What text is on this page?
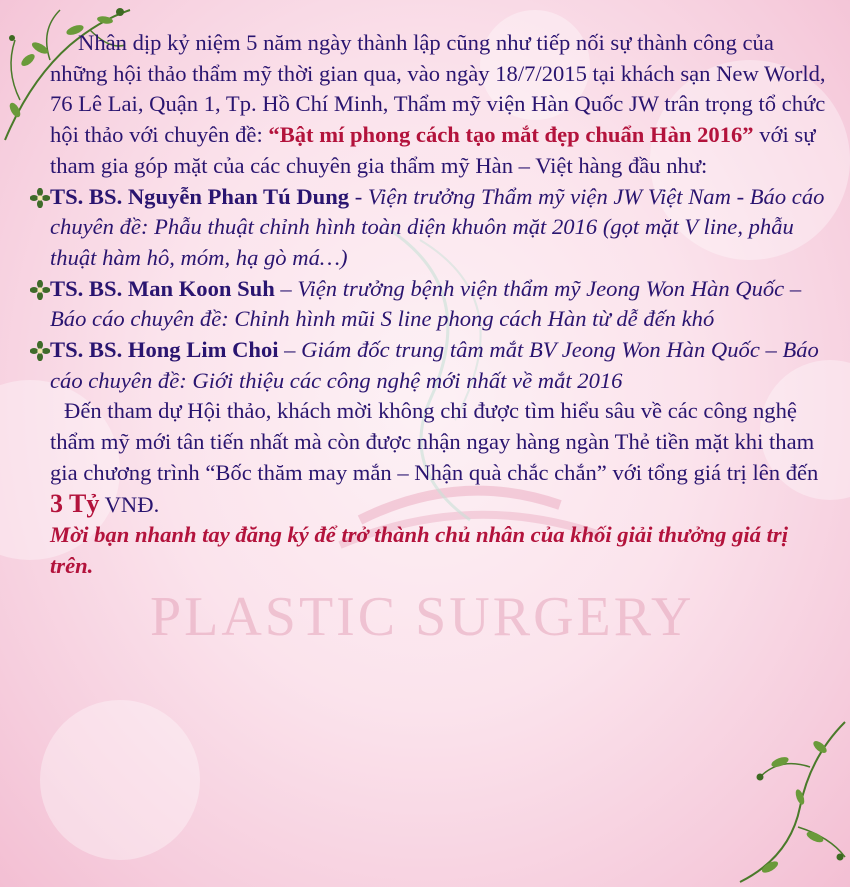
PLASTIC SURGERY

Nhân dịp kỷ niệm 5 năm ngày thành lập cũng như tiếp nối sự thành công của những hội thảo thẩm mỹ thời gian qua, vào ngày 18/7/2015 tại khách sạn New World, 76 Lê Lai, Quận 1, Tp. Hồ Chí Minh, Thẩm mỹ viện Hàn Quốc JW trân trọng tổ chức hội thảo với chuyên đề: “Bật mí phong cách tạo mắt đẹp chuẩn Hàn 2016” với sự tham gia góp mặt của các chuyên gia thẩm mỹ Hàn – Việt hàng đầu như:

TS. BS. Nguyễn Phan Tú Dung - Viện trưởng Thẩm mỹ viện JW Việt Nam - Báo cáo chuyên đề: Phẫu thuật chỉnh hình toàn diện khuôn mặt 2016 (gọt mặt V line, phẫu thuật hàm hô, móm, hạ gò má…)

TS. BS. Man Koon Suh – Viện trưởng bệnh viện thẩm mỹ Jeong Won Hàn Quốc – Báo cáo chuyên đề: Chỉnh hình mũi S line phong cách Hàn từ dễ đến khó

TS. BS. Hong Lim Choi – Giám đốc trung tâm mắt BV Jeong Won Hàn Quốc – Báo cáo chuyên đề: Giới thiệu các công nghệ mới nhất về mắt 2016

Đến tham dự Hội thảo, khách mời không chỉ được tìm hiểu sâu về các công nghệ thẩm mỹ mới tân tiến nhất mà còn được nhận ngay hàng ngàn Thẻ tiền mặt khi tham gia chương trình “Bốc thăm may mắn – Nhận quà chắc chắn” với tổng giá trị lên đến 3 Tỷ VNĐ.
Mời bạn nhanh tay đăng ký để trở thành chủ nhân của khối giải thưởng giá trị trên.
